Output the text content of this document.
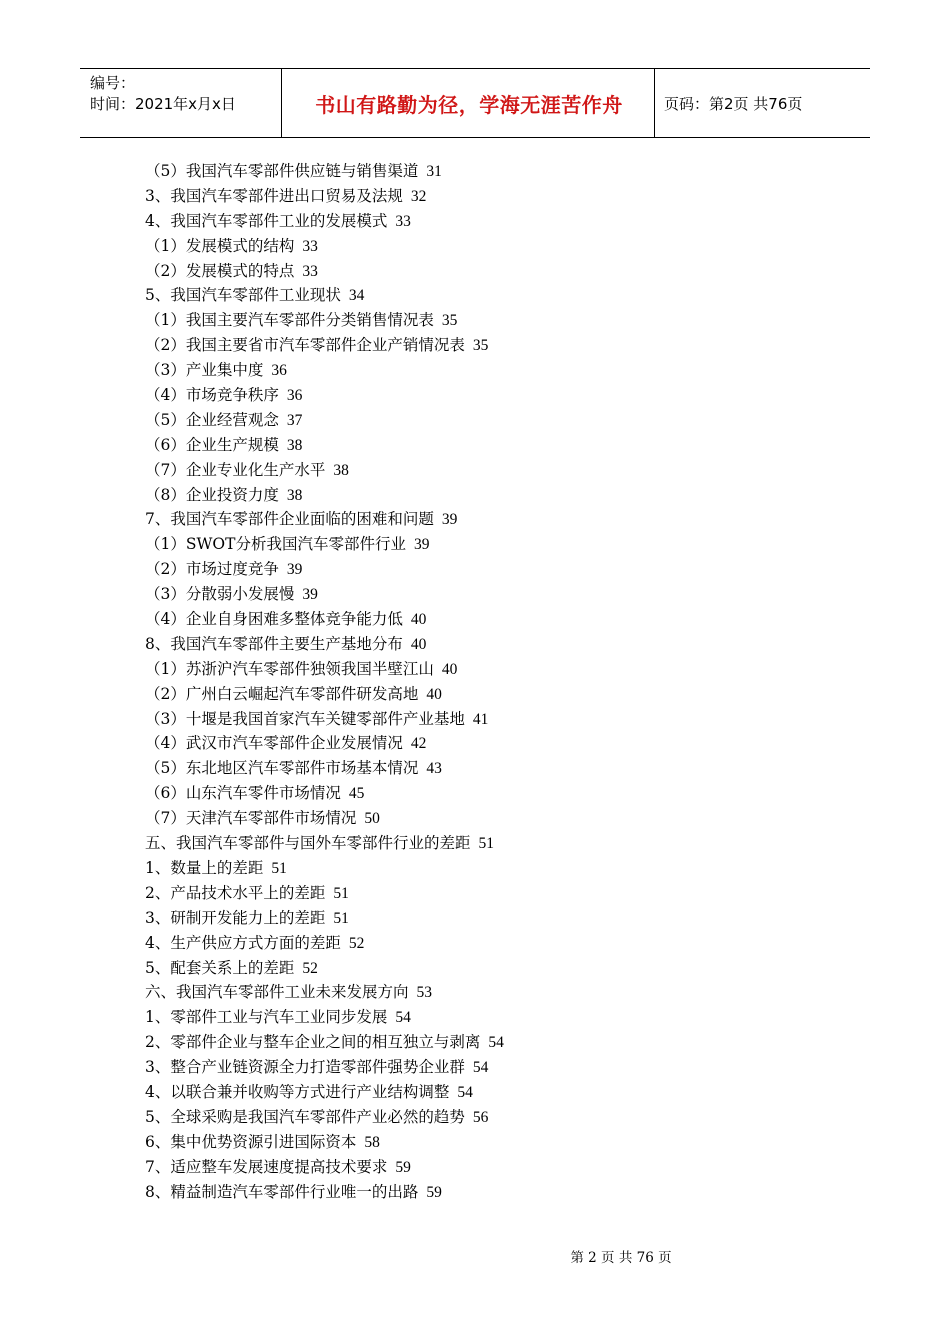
编号：
时间：2021年x月x日	书山有路勤为径，学海无涯苦作舟	页码：第2页 共76页
（5）我国汽车零部件供应链与销售渠道 31
3、我国汽车零部件进出口贸易及法规 32
4、我国汽车零部件工业的发展模式 33
（1）发展模式的结构 33
（2）发展模式的特点 33
5、我国汽车零部件工业现状 34
（1）我国主要汽车零部件分类销售情况表 35
（2）我国主要省市汽车零部件企业产销情况表 35
（3）产业集中度 36
（4）市场竞争秩序 36
（5）企业经营观念 37
（6）企业生产规模 38
（7）企业专业化生产水平 38
（8）企业投资力度 38
7、我国汽车零部件企业面临的困难和问题 39
（1）SWOT分析我国汽车零部件行业 39
（2）市场过度竞争 39
（3）分散弱小发展慢 39
（4）企业自身困难多整体竞争能力低 40
8、我国汽车零部件主要生产基地分布 40
（1）苏浙沪汽车零部件独领我国半壁江山 40
（2）广州白云崛起汽车零部件研发高地 40
（3）十堰是我国首家汽车关键零部件产业基地 41
（4）武汉市汽车零部件企业发展情况 42
（5）东北地区汽车零部件市场基本情况 43
（6）山东汽车零件市场情况 45
（7）天津汽车零部件市场情况 50
五、我国汽车零部件与国外车零部件行业的差距 51
1、数量上的差距 51
2、产品技术水平上的差距 51
3、研制开发能力上的差距 51
4、生产供应方式方面的差距 52
5、配套关系上的差距 52
六、我国汽车零部件工业未来发展方向 53
1、零部件工业与汽车工业同步发展 54
2、零部件企业与整车企业之间的相互独立与剥离 54
3、整合产业链资源全力打造零部件强势企业群 54
4、以联合兼并收购等方式进行产业结构调整 54
5、全球采购是我国汽车零部件产业必然的趋势 56
6、集中优势资源引进国际资本 58
7、适应整车发展速度提高技术要求 59
8、精益制造汽车零部件行业唯一的出路 59
第 2 页 共 76 页
